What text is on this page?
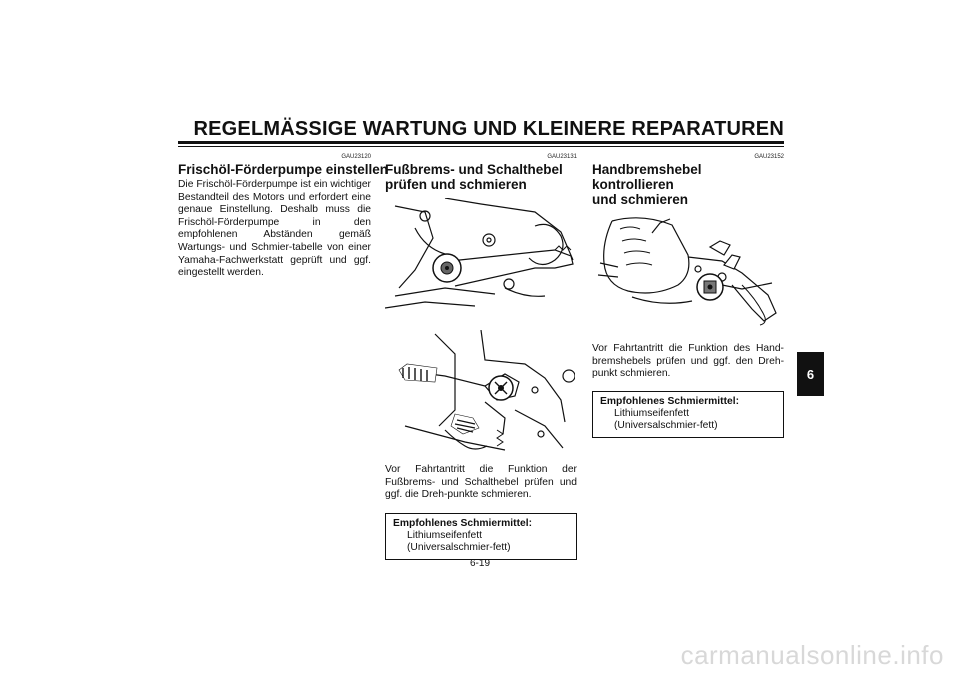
REGELMÄSSIGE WARTUNG UND KLEINERE REPARATUREN
GAU23120
Frischöl-Förderpumpe einstellen
Die Frischöl-Förderpumpe ist ein wichtiger Bestandteil des Motors und erfordert eine genaue Einstellung. Deshalb muss die Frischöl-Förderpumpe in den empfohlenen Abständen gemäß Wartungs- und Schmier-tabelle von einer Yamaha-Fachwerkstatt geprüft und ggf. eingestellt werden.
GAU23131
Fußbrems- und Schalthebel
prüfen und schmieren
Vor Fahrtantritt die Funktion der Fußbrems- und Schalthebel prüfen und ggf. die Dreh-punkte schmieren.
Empfohlenes Schmiermittel:
Lithiumseifenfett (Universalschmier-fett)
GAU23152
Handbremshebel kontrollieren
und schmieren
Vor Fahrtantritt die Funktion des Hand-bremshebels prüfen und ggf. den Dreh-punkt schmieren.
Empfohlenes Schmiermittel:
Lithiumseifenfett (Universalschmier-fett)
6-19
6
carmanualsonline.info
